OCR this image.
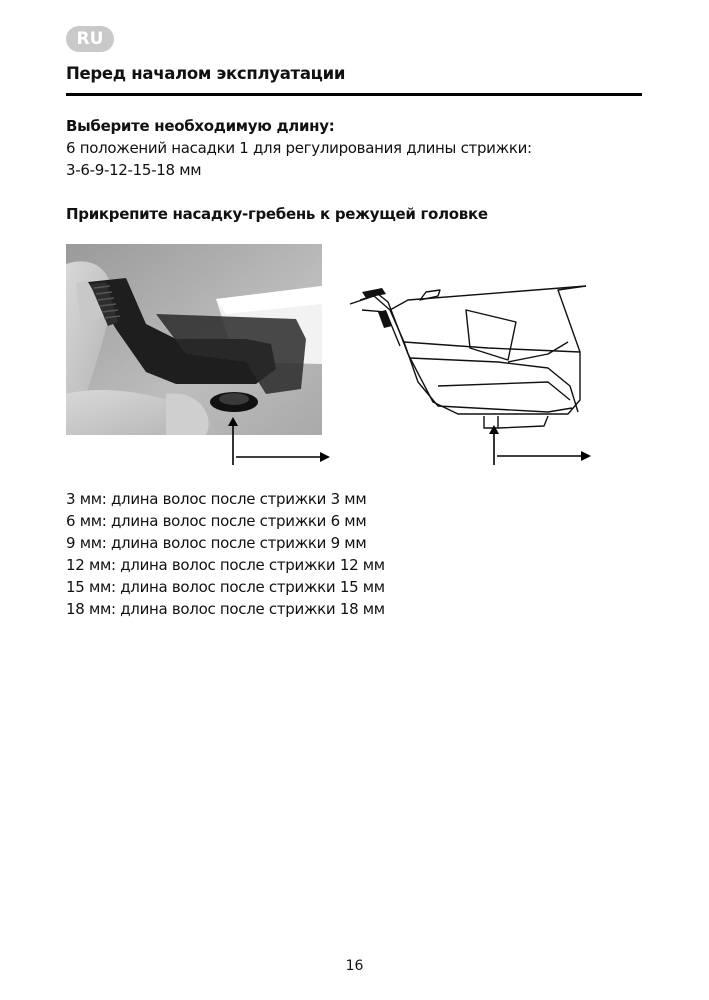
RU
Перед началом эксплуатации
Выберите необходимую длину:
6 положений насадки 1 для регулирования длины стрижки:
3-6-9-12-15-18 мм
Прикрепите насадку-гребень к режущей головке
3 мм: длина волос после стрижки 3 мм
6 мм: длина волос после стрижки 6 мм
9 мм: длина волос после стрижки 9 мм
12 мм: длина волос после стрижки 12 мм
15 мм: длина волос после стрижки 15 мм
18 мм: длина волос после стрижки 18 мм
16
